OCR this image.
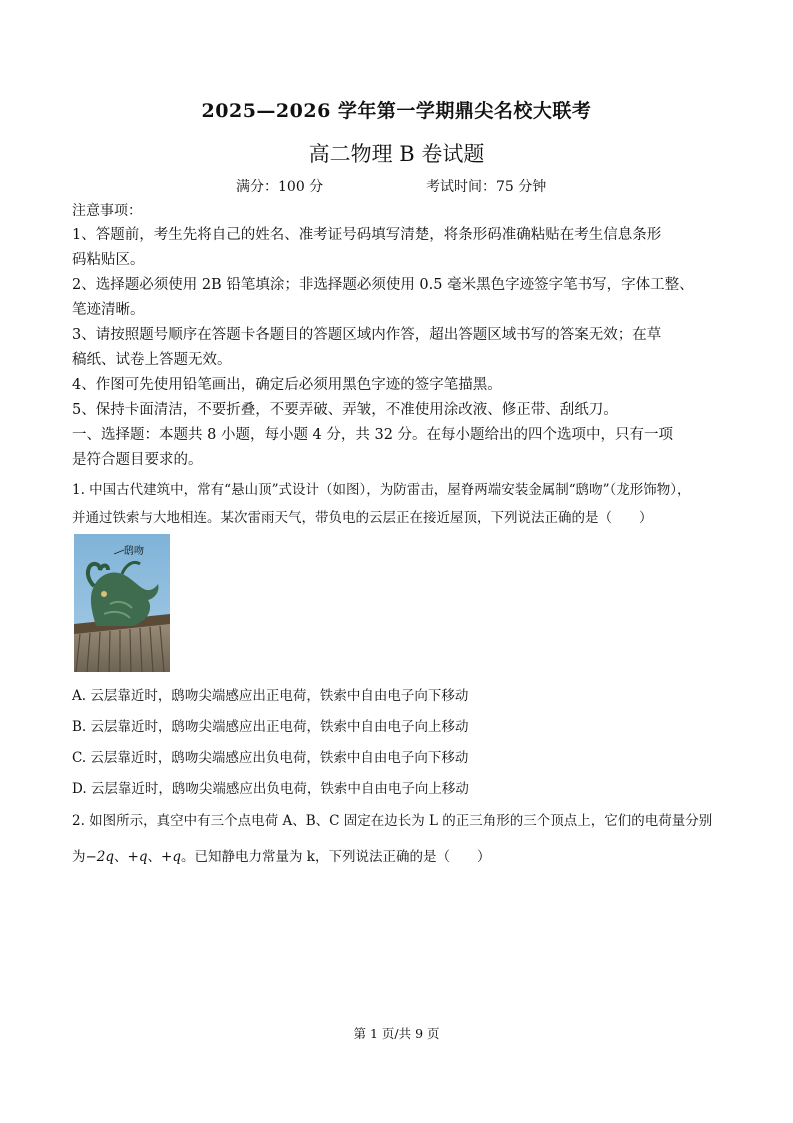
2025—2026 学年第一学期鼎尖名校大联考
高二物理 B 卷试题
满分：100 分	考试时间：75 分钟
注意事项：
1、答题前，考生先将自己的姓名、准考证号码填写清楚，将条形码准确粘贴在考生信息条形
码粘贴区。
2、选择题必须使用 2B 铅笔填涂；非选择题必须使用 0.5 毫米黑色字迹签字笔书写，字体工整、
笔迹清晰。
3、请按照题号顺序在答题卡各题目的答题区域内作答，超出答题区域书写的答案无效；在草
稿纸、试卷上答题无效。
4、作图可先使用铅笔画出，确定后必须用黑色字迹的签字笔描黑。
5、保持卡面清洁，不要折叠，不要弄破、弄皱，不准使用涂改液、修正带、刮纸刀。
一、选择题：本题共 8 小题，每小题 4 分，共 32 分。在每小题给出的四个选项中，只有一项
是符合题目要求的。
1. 中国古代建筑中，常有“悬山顶”式设计（如图），为防雷击，屋脊两端安装金属制“鸱吻”（龙形饰物），
并通过铁索与大地相连。某次雷雨天气，带负电的云层正在接近屋顶，下列说法正确的是（　　）
鸱吻
A. 云层靠近时，鸱吻尖端感应出正电荷，铁索中自由电子向下移动
B. 云层靠近时，鸱吻尖端感应出正电荷，铁索中自由电子向上移动
C. 云层靠近时，鸱吻尖端感应出负电荷，铁索中自由电子向下移动
D. 云层靠近时，鸱吻尖端感应出负电荷，铁索中自由电子向上移动
2. 如图所示，真空中有三个点电荷 A、B、C 固定在边长为 L 的正三角形的三个顶点上，它们的电荷量分别
为−2q、+q、+q。已知静电力常量为 k，下列说法正确的是（　　）
第 1 页/共 9 页
